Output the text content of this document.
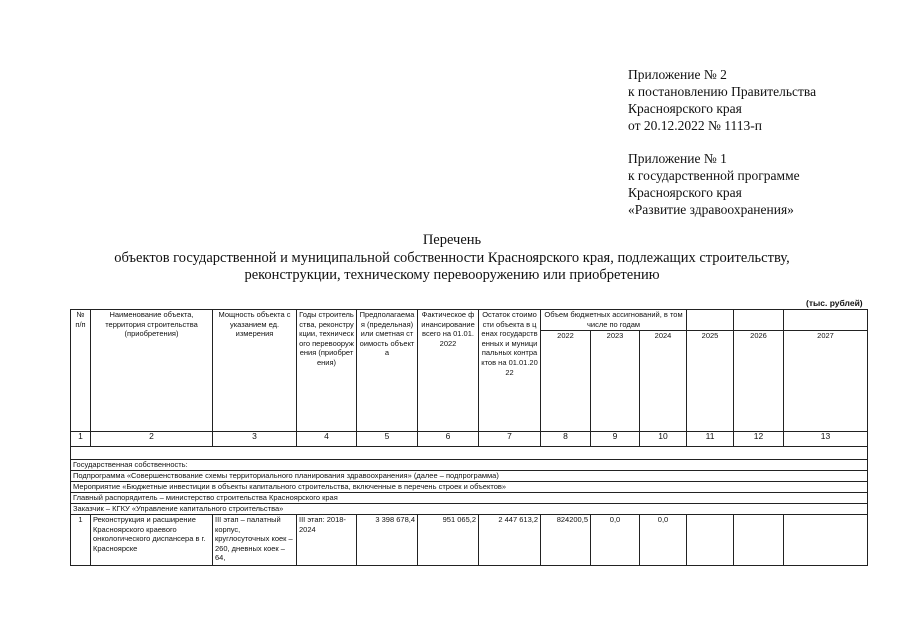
Приложение № 2
к постановлению Правительства
Красноярского края
от 20.12.2022 № 1113-п
Приложение № 1
к государственной программе
Красноярского края
«Развитие здравоохранения»
Перечень
объектов государственной и муниципальной собственности Красноярского края, подлежащих строительству,
реконструкции, техническому перевооружению или приобретению
(тыс. рублей)
№ п/п	Наименование объекта, территория строительства (приобретения)	Мощность объекта с указанием ед. измерения	Годы строительства, реконструкции, технического перевооружения (приобретения)	Предполагаемая (предельная) или сметная стоимость объекта	Фактическое финансирование всего на 01.01.2022	Остаток стоимости объекта в ценах государственных и муниципальных контрактов на 01.01.2022	Объем бюджетных ассигнований, в том числе по годам					
							2022	2023	2024	2025	2026	2027
1	2	3	4	5	6	7	8	9	10	11	12	13

Государственная собственность:												
Подпрограмма «Совершенствование схемы территориального планирования здравоохранения» (далее – подпрограмма)												
Мероприятие «Бюджетные инвестиции в объекты капитального строительства, включенные в перечень строек и объектов»												
Главный распорядитель – министерство строительства Красноярского края												
Заказчик – КГКУ «Управление капитального строительства»												
1	Реконструкция и расширение Красноярского краевого онкологического диспансера в г. Красноярске	III этап – палатный корпус, круглосуточных коек – 260, дневных коек – 64,	III этап: 2018-2024	3 398 678,4	951 065,2	2 447 613,2	824200,5	0,0	0,0			
